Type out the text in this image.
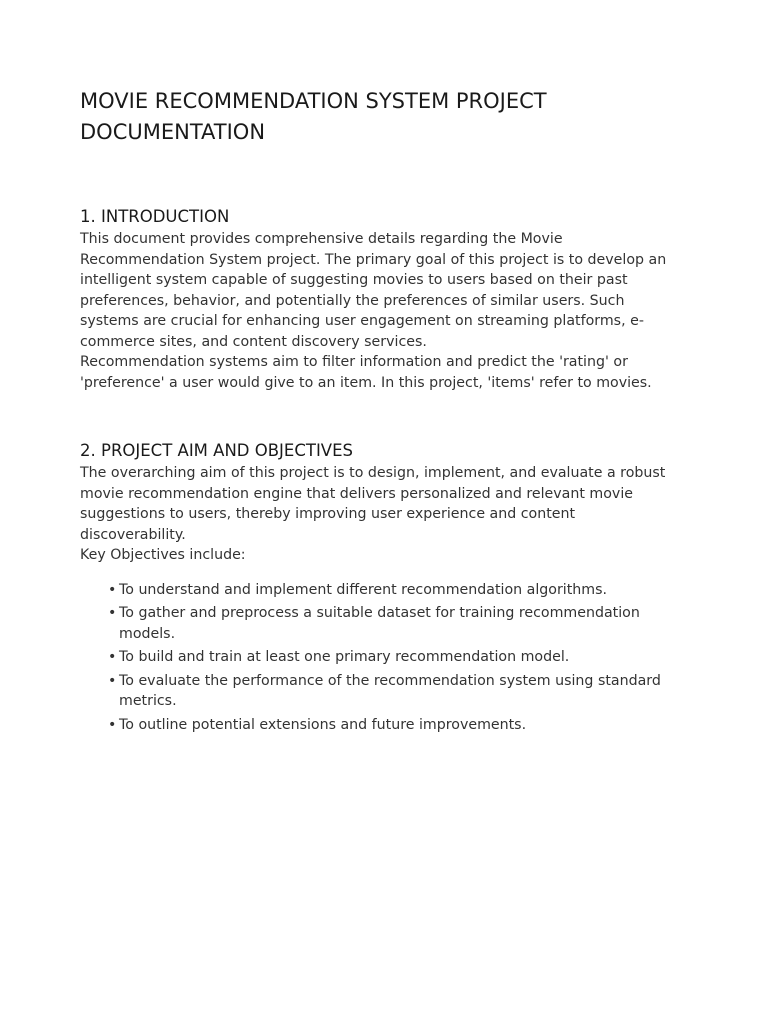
MOVIE RECOMMENDATION SYSTEM PROJECT DOCUMENTATION
1. INTRODUCTION

This document provides comprehensive details regarding the Movie Recommendation System project. The primary goal of this project is to develop an intelligent system capable of suggesting movies to users based on their past preferences, behavior, and potentially the preferences of similar users. Such systems are crucial for enhancing user engagement on streaming platforms, e-commerce sites, and content discovery services.

Recommendation systems aim to filter information and predict the 'rating' or 'preference' a user would give to an item. In this project, 'items' refer to movies.

2. PROJECT AIM AND OBJECTIVES

The overarching aim of this project is to design, implement, and evaluate a robust movie recommendation engine that delivers personalized and relevant movie suggestions to users, thereby improving user experience and content discoverability.

Key Objectives include:

• To understand and implement different recommendation algorithms.
• To gather and preprocess a suitable dataset for training recommendation models.
• To build and train at least one primary recommendation model.
• To evaluate the performance of the recommendation system using standard metrics.
• To outline potential extensions and future improvements.
